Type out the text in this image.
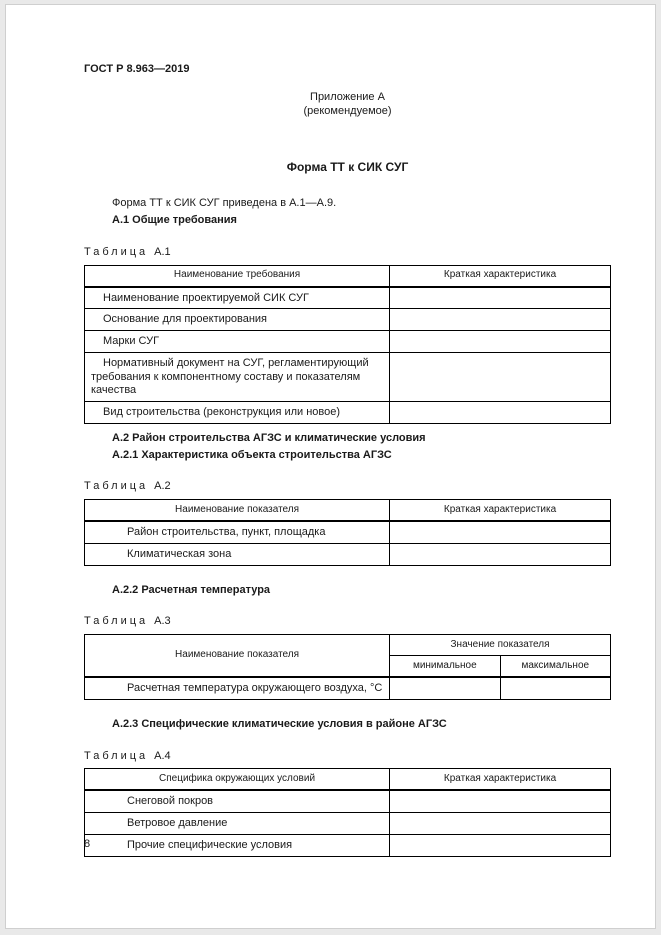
ГОСТ Р 8.963—2019
Приложение А
(рекомендуемое)
Форма ТТ к СИК СУГ

Форма ТТ к СИК СУГ приведена в А.1—А.9.

А.1 Общие требования
Таблица А.1
Наименование требования	Краткая характеристика
Наименование проектируемой СИК СУГ	
Основание для проектирования	
Марки СУГ	
Нормативный документ на СУГ, регламентирующий требования к компонентному составу и показателям качества	
Вид строительства (реконструкция или новое)	
А.2 Район строительства АГЗС и климатические условия
А.2.1 Характеристика объекта строительства АГЗС
Таблица А.2
Наименование показателя	Краткая характеристика
Район строительства, пункт, площадка	
Климатическая зона	
А.2.2 Расчетная температура
Таблица А.3
Наименование показателя	Значение показателя	
	минимальное	максимальное
Расчетная температура окружающего воздуха, °С		
А.2.3 Специфические климатические условия в районе АГЗС
Таблица А.4
Специфика окружающих условий	Краткая характеристика
Снеговой покров	
Ветровое давление	
Прочие специфические условия	
8
